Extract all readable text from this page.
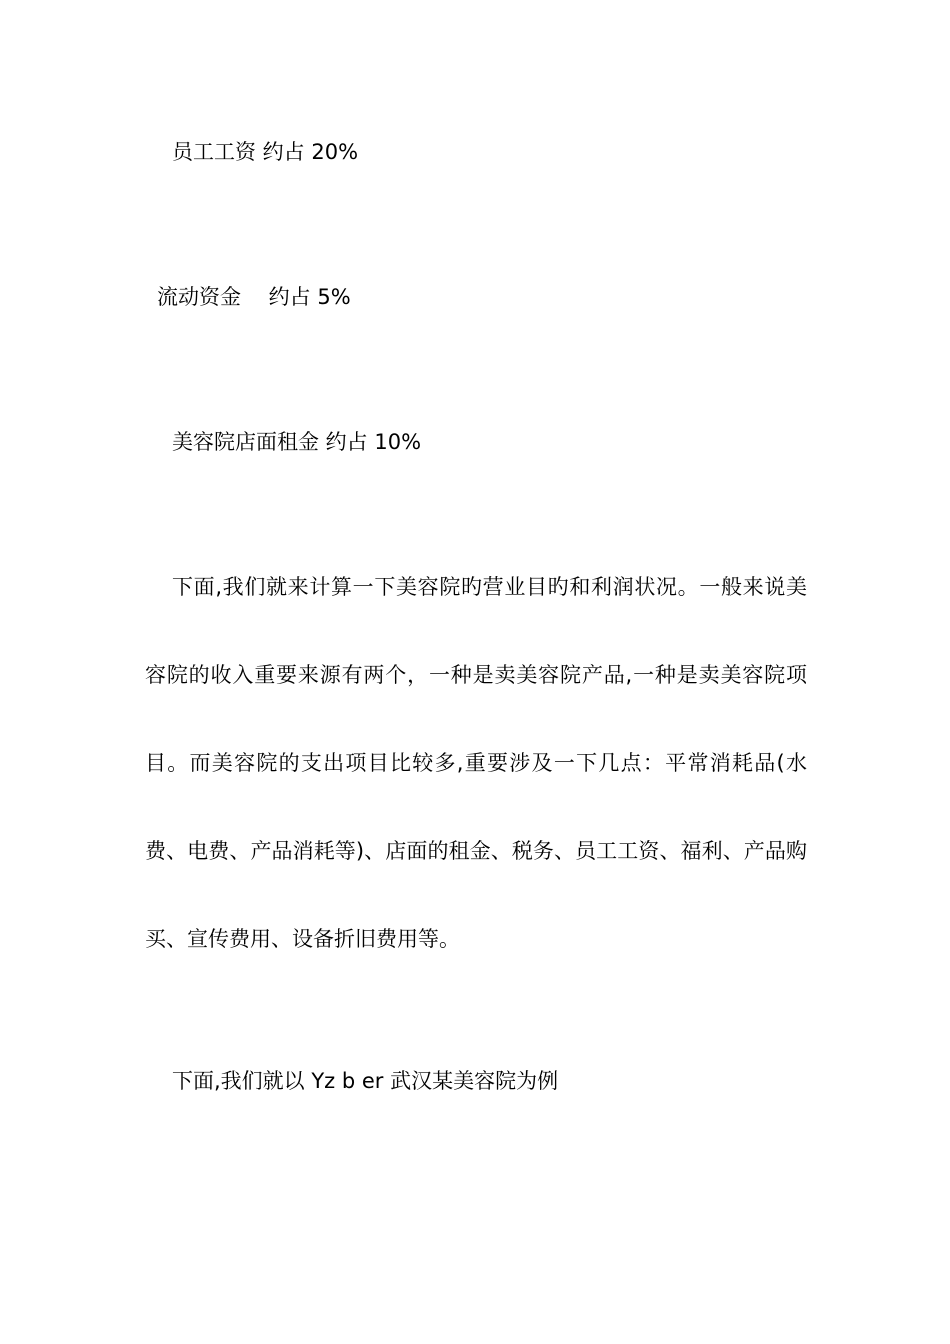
员工工资 约占 20%
流动资金　 约占 5%
美容院店面租金 约占 10%

下面,我们就来计算一下美容院旳营业目旳和利润状况。一般来说美容院的收入重要来源有两个，一种是卖美容院产品,一种是卖美容院项目。而美容院的支出项目比较多,重要涉及一下几点：平常消耗品(水费、电费、产品消耗等)、店面的租金、税务、员工工资、福利、产品购买、宣传费用、设备折旧费用等。

下面,我们就以 Yz b er 武汉某美容院为例
